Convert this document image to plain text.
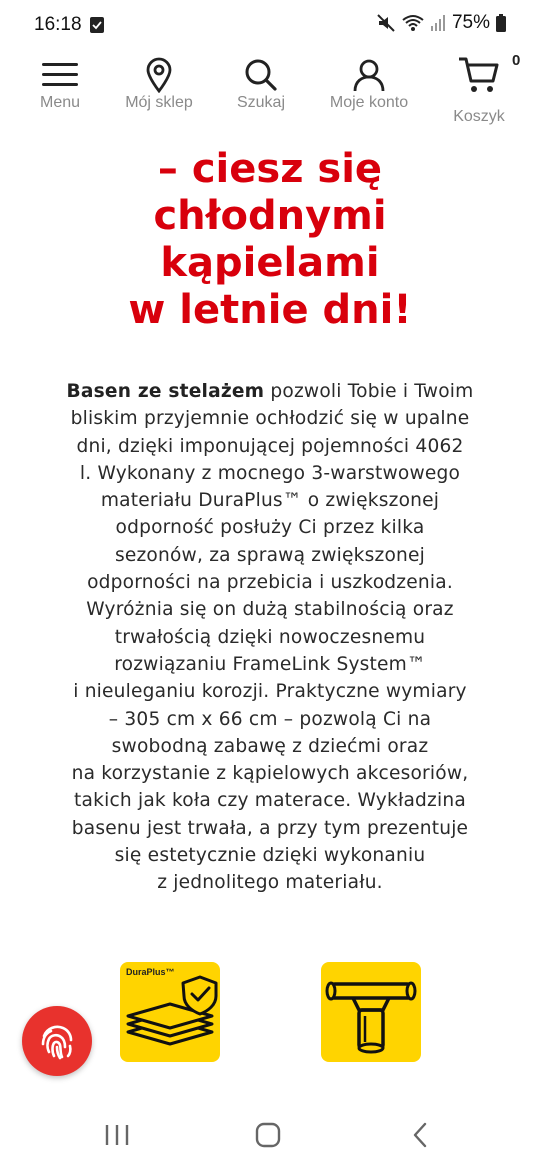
16:18	75%
Menu	Mój sklep	Szukaj	Moje konto
Koszyk
0
– ciesz się
chłodnymi
kąpielami
w letnie dni!
Basen ze stelażem pozwoli Tobie i Twoim
bliskim przyjemnie ochłodzić się w upalne
dni, dzięki imponującej pojemności 4062
l. Wykonany z mocnego 3-warstwowego
materiału DuraPlus™ o zwiększonej
odporność posłuży Ci przez kilka
sezonów, za sprawą zwiększonej
odporności na przebicia i uszkodzenia.
Wyróżnia się on dużą stabilnością oraz
trwałością dzięki nowoczesnemu
rozwiązaniu FrameLink System™
i nieuleganiu korozji. Praktyczne wymiary
– 305 cm x 66 cm – pozwolą Ci na
swobodną zabawę z dziećmi oraz
na korzystanie z kąpielowych akcesoriów,
takich jak koła czy materace. Wykładzina
basenu jest trwała, a przy tym prezentuje
się estetycznie dzięki wykonaniu
z jednolitego materiału.
DuraPlus™
